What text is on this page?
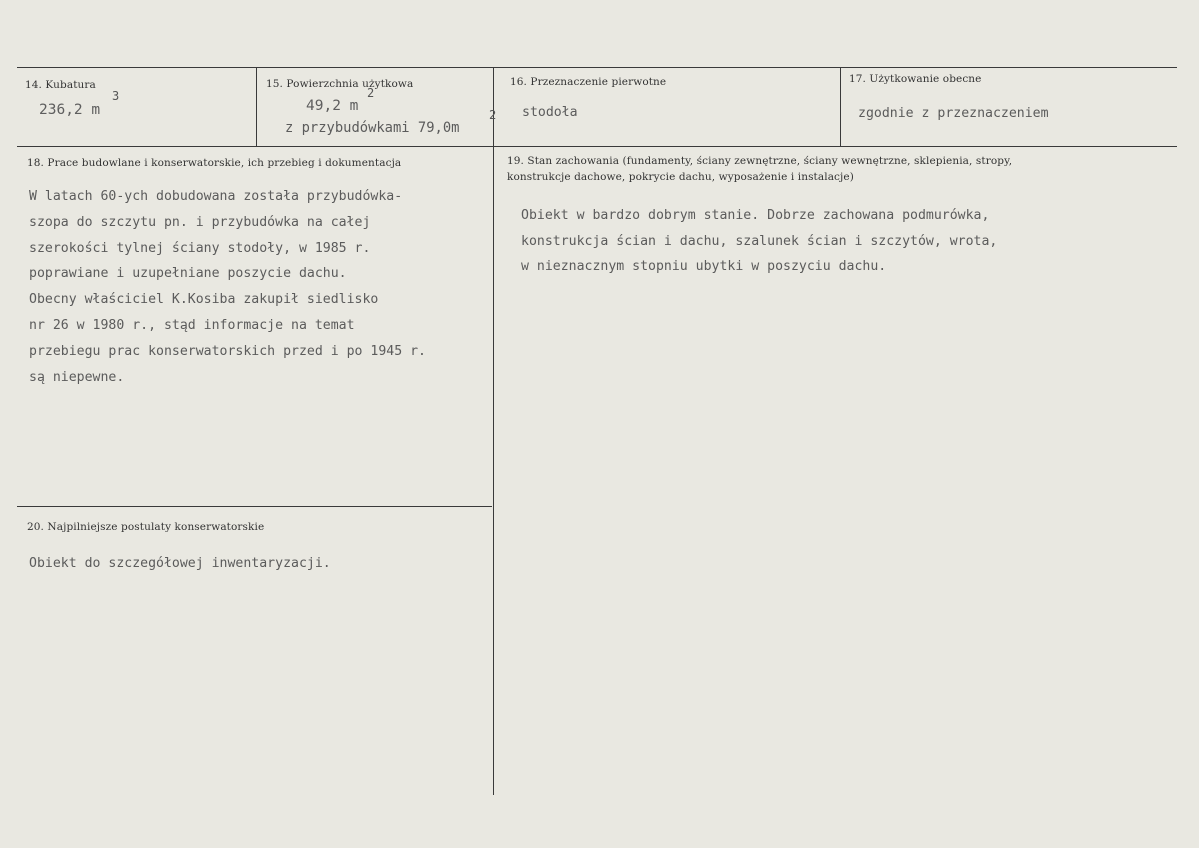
14. Kubatura
236,2 m
3
15. Powierzchnia użytkowa
49,2 m
2
z przybudówkami 79,0m
2
16. Przeznaczenie pierwotne
stodoła
17. Użytkowanie obecne
zgodnie z przeznaczeniem
18. Prace budowlane i konserwatorskie, ich przebieg i dokumentacja
W latach 60-ych dobudowana została przybudówka-
szopa do szczytu pn. i przybudówka na całej
szerokości tylnej ściany stodoły, w 1985 r.
poprawiane i uzupełniane poszycie dachu.
Obecny właściciel K.Kosiba zakupił siedlisko
nr 26 w 1980 r., stąd informacje na temat
przebiegu prac konserwatorskich przed i po 1945 r.
są niepewne.
19. Stan zachowania (fundamenty, ściany zewnętrzne, ściany wewnętrzne, sklepienia, stropy,
konstrukcje dachowe, pokrycie dachu, wyposażenie i instalacje)
Obiekt w bardzo dobrym stanie. Dobrze zachowana podmurówka,
konstrukcja ścian i dachu, szalunek ścian i szczytów, wrota,
w nieznacznym stopniu ubytki w poszyciu dachu.
20. Najpilniejsze postulaty konserwatorskie
Obiekt do szczegółowej inwentaryzacji.
